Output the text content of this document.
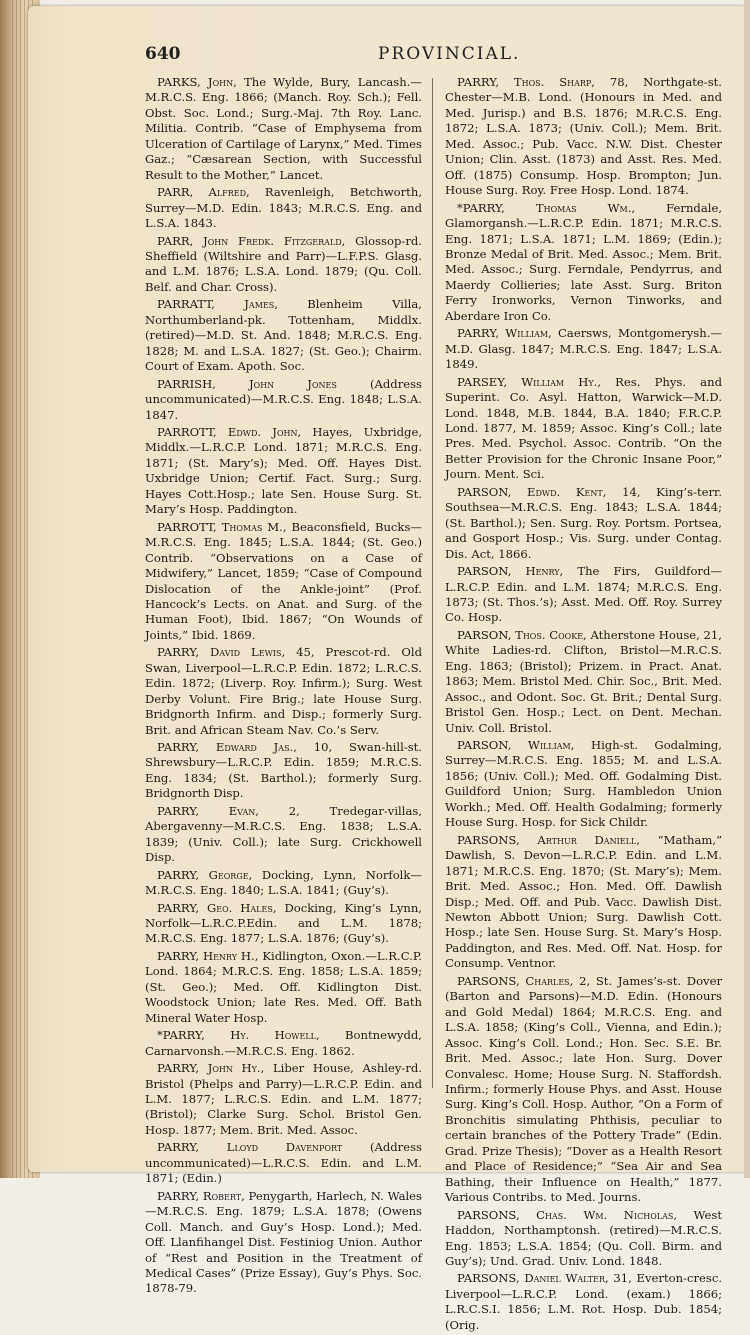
640	PROVINCIAL.

PARKS, John, The Wylde, Bury, Lancash.—M.R.C.S. Eng. 1866; (Manch. Roy. Sch.); Fell. Obst. Soc. Lond.; Surg.-Maj. 7th Roy. Lanc. Militia. Contrib. “Case of Emphysema from Ulceration of Cartilage of Larynx,” Med. Times Gaz.; “Cæsarean Section, with Successful Result to the Mother,” Lancet.

PARR, Alfred, Ravenleigh, Betchworth, Surrey—M.D. Edin. 1843; M.R.C.S. Eng. and L.S.A. 1843.

PARR, John Fredk. Fitzgerald, Glossop-rd. Sheffield (Wiltshire and Parr)—L.F.P.S. Glasg. and L.M. 1876; L.S.A. Lond. 1879; (Qu. Coll. Belf. and Char. Cross).

PARRATT, James, Blenheim Villa, Northumberland-pk. Tottenham, Middlx. (retired)—M.D. St. And. 1848; M.R.C.S. Eng. 1828; M. and L.S.A. 1827; (St. Geo.); Chairm. Court of Exam. Apoth. Soc.

PARRISH, John Jones (Address uncommunicated)—M.R.C.S. Eng. 1848; L.S.A. 1847.

PARROTT, Edwd. John, Hayes, Uxbridge, Middlx.—L.R.C.P. Lond. 1871; M.R.C.S. Eng. 1871; (St. Mary’s); Med. Off. Hayes Dist. Uxbridge Union; Certif. Fact. Surg.; Surg. Hayes Cott.Hosp.; late Sen. House Surg. St. Mary’s Hosp. Paddington.

PARROTT, Thomas M., Beaconsfield, Bucks—M.R.C.S. Eng. 1845; L.S.A. 1844; (St. Geo.) Contrib. “Observations on a Case of Midwifery,” Lancet, 1859; “Case of Compound Dislocation of the Ankle-joint” (Prof. Hancock’s Lects. on Anat. and Surg. of the Human Foot), Ibid. 1867; “On Wounds of Joints,” Ibid. 1869.

PARRY, David Lewis, 45, Prescot-rd. Old Swan, Liverpool—L.R.C.P. Edin. 1872; L.R.C.S. Edin. 1872; (Liverp. Roy. Infirm.); Surg. West Derby Volunt. Fire Brig.; late House Surg. Bridgnorth Infirm. and Disp.; formerly Surg. Brit. and African Steam Nav. Co.’s Serv.

PARRY, Edward Jas., 10, Swan-hill-st. Shrewsbury—L.R.C.P. Edin. 1859; M.R.C.S. Eng. 1834; (St. Barthol.); formerly Surg. Bridgnorth Disp.

PARRY, Evan, 2, Tredegar-villas, Abergavenny—M.R.C.S. Eng. 1838; L.S.A. 1839; (Univ. Coll.); late Surg. Crickhowell Disp.

PARRY, George, Docking, Lynn, Norfolk—M.R.C.S. Eng. 1840; L.S.A. 1841; (Guy’s).

PARRY, Geo. Hales, Docking, King’s Lynn, Norfolk—L.R.C.P.Edin. and L.M. 1878; M.R.C.S. Eng. 1877; L.S.A. 1876; (Guy’s).

PARRY, Henry H., Kidlington, Oxon.—L.R.C.P. Lond. 1864; M.R.C.S. Eng. 1858; L.S.A. 1859; (St. Geo.); Med. Off. Kidlington Dist. Woodstock Union; late Res. Med. Off. Bath Mineral Water Hosp.

*PARRY, Hy. Howell, Bontnewydd, Carnarvonsh.—M.R.C.S. Eng. 1862.

PARRY, John Hy., Liber House, Ashley-rd. Bristol (Phelps and Parry)—L.R.C.P. Edin. and L.M. 1877; L.R.C.S. Edin. and L.M. 1877; (Bristol); Clarke Surg. Schol. Bristol Gen. Hosp. 1877; Mem. Brit. Med. Assoc.

PARRY, Lloyd Davenport (Address uncommunicated)—L.R.C.S. Edin. and L.M. 1871; (Edin.)

PARRY, Robert, Penygarth, Harlech, N. Wales—M.R.C.S. Eng. 1879; L.S.A. 1878; (Owens Coll. Manch. and Guy’s Hosp. Lond.); Med. Off. Llanfihangel Dist. Festiniog Union. Author of “Rest and Position in the Treatment of Medical Cases” (Prize Essay), Guy’s Phys. Soc. 1878-79.

PARRY, Thos. Sharp, 78, Northgate-st. Chester—M.B. Lond. (Honours in Med. and Med. Jurisp.) and B.S. 1876; M.R.C.S. Eng. 1872; L.S.A. 1873; (Univ. Coll.); Mem. Brit. Med. Assoc.; Pub. Vacc. N.W. Dist. Chester Union; Clin. Asst. (1873) and Asst. Res. Med. Off. (1875) Consump. Hosp. Brompton; Jun. House Surg. Roy. Free Hosp. Lond. 1874.

*PARRY, Thomas Wm., Ferndale, Glamorgansh.—L.R.C.P. Edin. 1871; M.R.C.S. Eng. 1871; L.S.A. 1871; L.M. 1869; (Edin.); Bronze Medal of Brit. Med. Assoc.; Mem. Brit. Med. Assoc.; Surg. Ferndale, Pendyrrus, and Maerdy Collieries; late Asst. Surg. Briton Ferry Ironworks, Vernon Tinworks, and Aberdare Iron Co.

PARRY, William, Caersws, Montgomerysh.—M.D. Glasg. 1847; M.R.C.S. Eng. 1847; L.S.A. 1849.

PARSEY, William Hy., Res. Phys. and Superint. Co. Asyl. Hatton, Warwick—M.D. Lond. 1848, M.B. 1844, B.A. 1840; F.R.C.P. Lond. 1877, M. 1859; Assoc. King’s Coll.; late Pres. Med. Psychol. Assoc. Contrib. “On the Better Provision for the Chronic Insane Poor,” Journ. Ment. Sci.

PARSON, Edwd. Kent, 14, King’s-terr. Southsea—M.R.C.S. Eng. 1843; L.S.A. 1844; (St. Barthol.); Sen. Surg. Roy. Portsm. Portsea, and Gosport Hosp.; Vis. Surg. under Contag. Dis. Act, 1866.

PARSON, Henry, The Firs, Guildford—L.R.C.P. Edin. and L.M. 1874; M.R.C.S. Eng. 1873; (St. Thos.’s); Asst. Med. Off. Roy. Surrey Co. Hosp.

PARSON, Thos. Cooke, Atherstone House, 21, White Ladies-rd. Clifton, Bristol—M.R.C.S. Eng. 1863; (Bristol); Prizem. in Pract. Anat. 1863; Mem. Bristol Med. Chir. Soc., Brit. Med. Assoc., and Odont. Soc. Gt. Brit.; Dental Surg. Bristol Gen. Hosp.; Lect. on Dent. Mechan. Univ. Coll. Bristol.

PARSON, William, High-st. Godalming, Surrey—M.R.C.S. Eng. 1855; M. and L.S.A. 1856; (Univ. Coll.); Med. Off. Godalming Dist. Guildford Union; Surg. Hambledon Union Workh.; Med. Off. Health Godalming; formerly House Surg. Hosp. for Sick Childr.

PARSONS, Arthur Daniell, “Matham,” Dawlish, S. Devon—L.R.C.P. Edin. and L.M. 1871; M.R.C.S. Eng. 1870; (St. Mary’s); Mem. Brit. Med. Assoc.; Hon. Med. Off. Dawlish Disp.; Med. Off. and Pub. Vacc. Dawlish Dist. Newton Abbott Union; Surg. Dawlish Cott. Hosp.; late Sen. House Surg. St. Mary’s Hosp. Paddington, and Res. Med. Off. Nat. Hosp. for Consump. Ventnor.

PARSONS, Charles, 2, St. James’s-st. Dover (Barton and Parsons)—M.D. Edin. (Honours and Gold Medal) 1864; M.R.C.S. Eng. and L.S.A. 1858; (King’s Coll., Vienna, and Edin.); Assoc. King’s Coll. Lond.; Hon. Sec. S.E. Br. Brit. Med. Assoc.; late Hon. Surg. Dover Convalesc. Home; House Surg. N. Staffordsh. Infirm.; formerly House Phys. and Asst. House Surg. King’s Coll. Hosp. Author, “On a Form of Bronchitis simulating Phthisis, peculiar to certain branches of the Pottery Trade” (Edin. Grad. Prize Thesis); “Dover as a Health Resort and Place of Residence;” “Sea Air and Sea Bathing, their Influence on Health,” 1877. Various Contribs. to Med. Journs.

PARSONS, Chas. Wm. Nicholas, West Haddon, Northamptonsh. (retired)—M.R.C.S. Eng. 1853; L.S.A. 1854; (Qu. Coll. Birm. and Guy’s); Und. Grad. Univ. Lond. 1848.

PARSONS, Daniel Walter, 31, Everton-cresc. Liverpool—L.R.C.P. Lond. (exam.) 1866; L.R.C.S.I. 1856; L.M. Rot. Hosp. Dub. 1854; (Orig.
